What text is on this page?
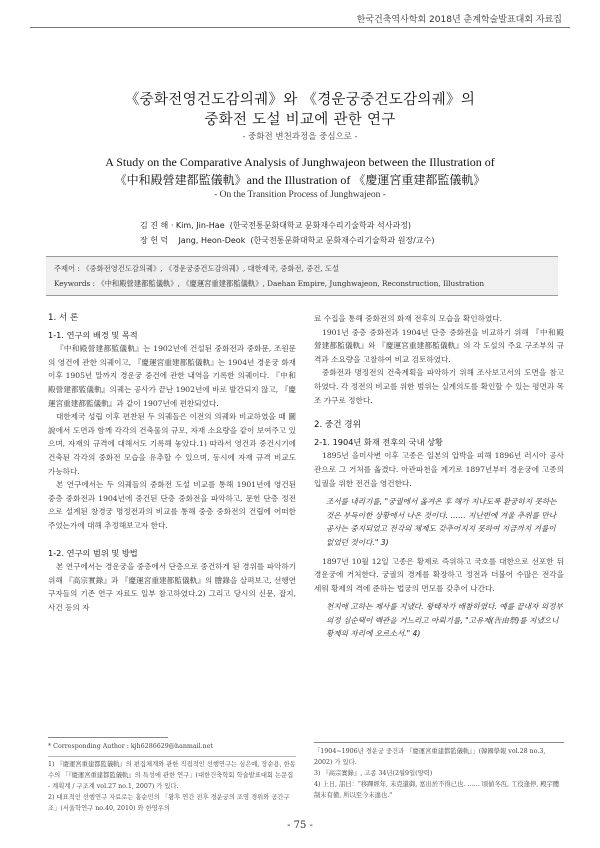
한국건축역사학회 2018년 춘계학술발표대회 자료집
《중화전영건도감의궤》와 《경운궁중건도감의궤》의
중화전 도설 비교에 관한 연구
- 중화전 변천과정을 중심으로 -
A Study on the Comparative Analysis of Junghwajeon between the Illustration of
《中和殿營建都監儀軌》and the Illustration of 《慶運宮重建都監儀軌》
- On the Transition Process of Junghwajeon -
김 진 해 · Kim, Jin-Hae  (한국전통문화대학교 문화재수리기술학과 석사과정)
장 헌 덕    Jang, Heon-Deok  (한국전통문화대학교 문화재수리기술학과 원장/교수)
주제어 : 《중화전영건도감의궤》, 《경운궁중건도감의궤》, 대한제국, 중화전, 중건, 도설
Keywords : 《中和殿營建都監儀軌》, 《慶運宮重建都監儀軌》, Daehan Empire, Junghwajeon, Reconstruction, Illustration

1. 서 론

1-1. 연구의 배경 및 목적

『中和殿營建都監儀軌』는 1902년에 건설된 중화전과 중화문, 조원문의 영건에 관한 의궤이고, 『慶運宮重建都監儀軌』는 1904년 경운궁 화재 이후 1905년 말까지 경운궁 중건에 관한 내역을 기록한 의궤이다. 『中和殿營建都監儀軌』의궤는 공사가 끝난 1902년에 바로 발간되지 않고, 『慶運宮重建都監儀軌』과 같이 1907년에 편찬되었다.

대한제국 성립 이후 편찬된 두 의궤들은 이전의 의궤와 비교하였을 때 圖說에서 도면과 함께 각각의 건축물의 규모, 자재 소요량을 같이 보여주고 있으며, 자재의 규격에 대해서도 기록해 놓았다.1) 따라서 영건과 중건시기에 건축된 각각의 중화전 모습을 유추할 수 있으며, 동시에 자재 규격 비교도 가능하다.

본 연구에서는 두 의궤들의 중화전 도설 비교를 통해 1901년에 영건된 중층 중화전과 1904년에 중건된 단층 중화전을 파악하고, 문헌 단층 정전으로 설계된 창경궁 명정전과의 비교를 통해 중층 중화전의 건립에 어떠한 주었는가에 대해 추정해보고자 한다.

1-2. 연구의 범위 및 방법

본 연구에서는 경운궁을 중층에서 단층으로 중건하게 된 경위를 파악하기 위해 『高宗實錄』과 『慶運宮重建都監儀軌』의 謄錄을 살펴보고, 선행연구자들의 기존 연구 자료도 일부 참고하였다.2) 그리고 당시의 신문, 잡지, 사건 등의 자

* Corresponding Author : kjh6286629@hanmail.net
1) 『慶運宮重建都監儀軌』의 편집체계와 관한 직접적인 선행연구는 심은예, 장순용, 한동수의 「『慶運宮重建都監儀軌』의 특성에 관한 연구」(대한건축학회 학술발표대회 논문집 - 계획계 / 구조계 vol.27 no.1, 2007) 가 있다.
2) 대표적인 선행연구 자료로는 홍순민의 「왕후 연간 전후 경운궁의 조영 경위와 공간구조」(서울학연구 no.40, 2010) 와 한영우의

료 수집을 통해 중화전의 화재 전후의 모습을 확인하였다.

1901년 중층 중화전과 1904년 단층 중화전을 비교하기 위해 『中和殿營建都監儀軌』와 『慶運宮重建都監儀軌』의 각 도설의 주요 구조부의 규격과 소요량을 고찰하여 비교 검토하였다.

중화전과 명정전의 건축계획을 파악하기 위해 조사보고서의 도면을 참고하였다. 각 정전의 비교를 위한 범위는 실계의도를 확인할 수 있는 평면과 목조 가구로 정한다.

2. 중건 경위

2-1. 1904년 화재 전후의 국내 상황

1895년 을미사변 이후 고종은 일본의 압박을 피해 1896년 러시아 공사관으로 그 거처를 옮겼다. 아관파천을 계기로 1897년부터 경운궁에 고종의 입궐을 위한 전건을 영건한다.

조서를 내리기를, "궁궐에서 옮겨온 후 해가 지나도록 환궁하지 못하는 것은 부득이한 상황에서 나온 것이다. …… 지난번에 겨울 추위를 만나 공사는 중지되었고 전각의 체제도 갖추어지지 못하여 지금까지 겨를이 없었던 것이다." 3)

1897년 10월 12일 고종은 황제로 즉위하고 국호를 대한으로 선포한 뒤 경운궁에 거처한다. 궁궐의 경계를 확장하고 정전과 더불어 수많은 전각을 세워 황제의 격에 준하는 법궁의 면모를 갖추어 나간다.

천지에 고하는 제사를 지냈다. 왕태자가 배참하였다. 예를 끝내자 의정부 의정 심순택이 백관을 거느리고 아뢰기를, "고유제(告由祭)를 지냈으니 황제의 자리에 오르소서." 4)

「1904~1906년 경운궁 중건과 『慶運宮重建都監儀軌』」(韓國學報 vol.28 no.3, 2002) 가 있다.
3) 『高宗實錄』, 고종 34년(2월9일(양력)
4) 上日, 詔曰："移蹕經年, 未克還御, 寔出於不得已也. …… 頃値冬沍, 工役逢停, 殿宇體制未有備, 所以至今未遑也."
- 75 -
